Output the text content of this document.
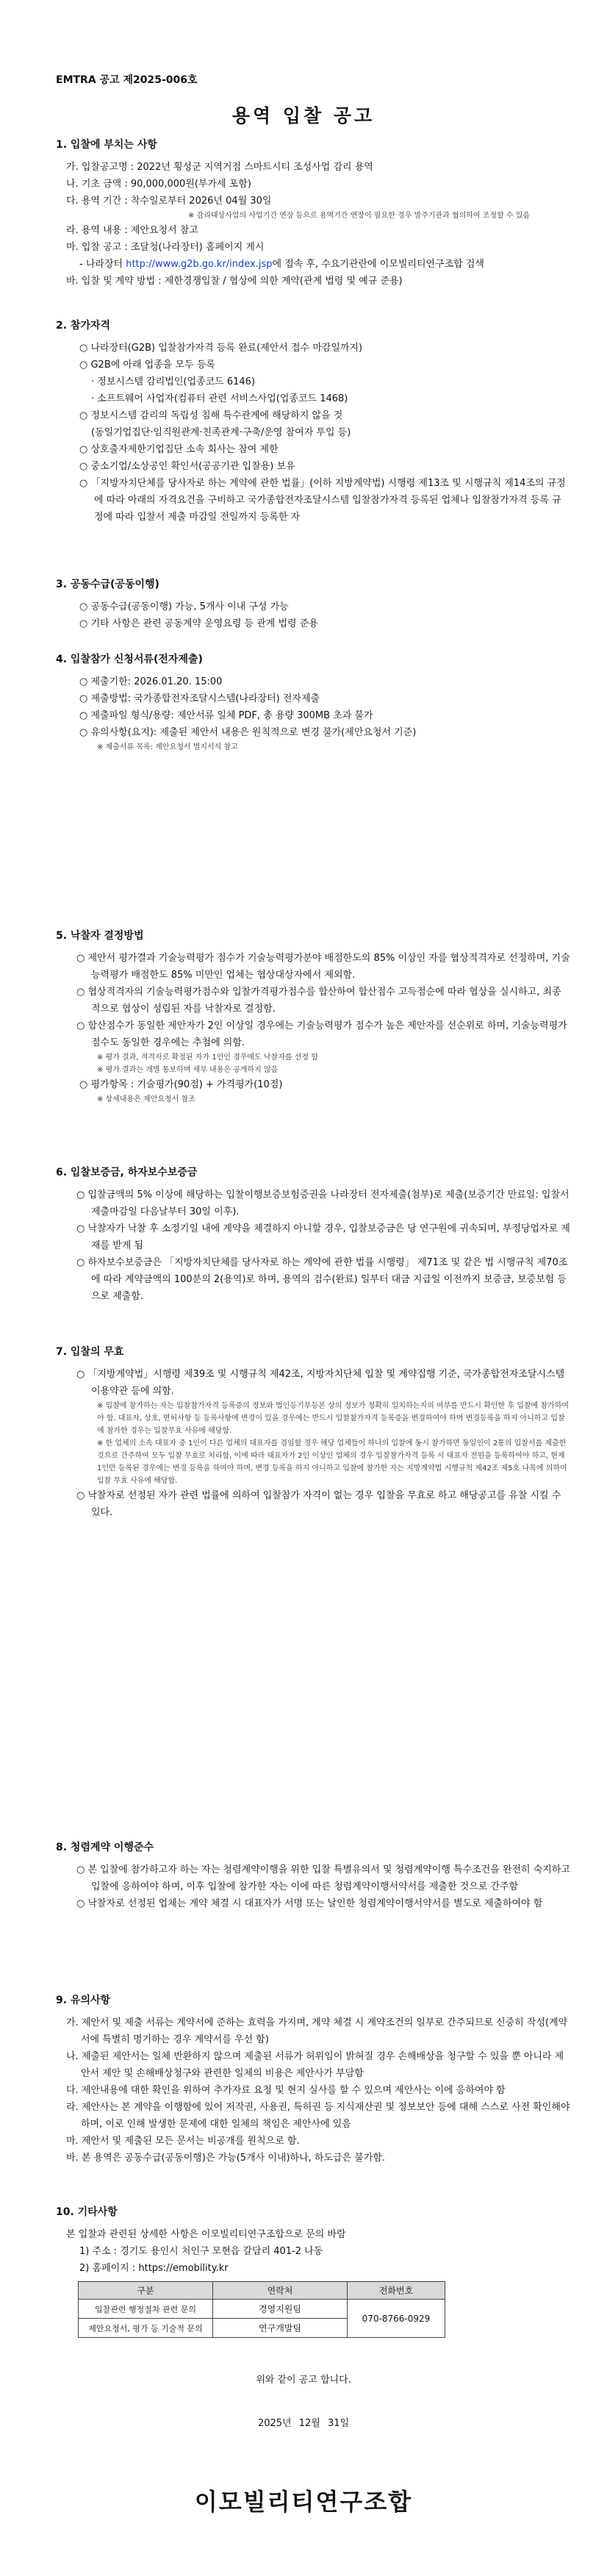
EMTRA 공고 제2025-006호
용역 입찰 공고
1. 입찰에 부치는 사항
가. 입찰공고명 : 2022년 횡성군 지역거점 스마트시티 조성사업 감리 용역
나. 기초 금액 : 90,000,000원(부가세 포함)
다. 용역 기간 : 착수일로부터 2026년 04월 30일
※ 감리대상사업의 사업기간 연장 등으로 용역기간 연장이 필요한 경우 발주기관과 협의하여 조정할 수 있음
라. 용역 내용 : 제안요청서 참고
마. 입찰 공고 : 조달청(나라장터) 홈페이지 게시
- 나라장터 http://www.g2b.go.kr/index.jsp에 접속 후, 수요기관란에 이모빌리티연구조합 검색
바. 입찰 및 계약 방법 : 제한경쟁입찰 / 협상에 의한 계약(관계 법령 및 예규 준용)
2. 참가자격
○ 나라장터(G2B) 입찰참가자격 등록 완료(제안서 접수 마감일까지)
○ G2B에 아래 업종을 모두 등록
· 정보시스템 감리법인(업종코드 6146)
· 소프트웨어 사업자(컴퓨터 관련 서비스사업(업종코드 1468)
○ 정보시스템 감리의 독립성 침해 특수관계에 해당하지 않을 것
(동일기업집단·임직원관계·친족관계·구축/운영 참여자 투입 등)
○ 상호출자제한기업집단 소속 회사는 참여 제한
○ 중소기업/소상공인 확인서(공공기관 입찰용) 보유
○ 「지방자치단체를 당사자로 하는 계약에 관한 법률」(이하 지방계약법) 시행령 제13조 및 시행규칙 제14조의 규정에 따라 아래의 자격요건을 구비하고 국가종합전자조달시스템 입찰참가자격 등록된 업체나 입찰참가자격 등록 규정에 따라 입찰서 제출 마감일 전일까지 등록한 자
3. 공동수급(공동이행)
○ 공동수급(공동이행) 가능, 5개사 이내 구성 가능
○ 기타 사항은 관련 공동계약 운영요령 등 관계 법령 준용
4. 입찰참가 신청서류(전자제출)
○ 제출기한: 2026.01.20. 15:00
○ 제출방법: 국가종합전자조달시스템(나라장터) 전자제출
○ 제출파일 형식/용량: 제안서류 일체 PDF, 총 용량 300MB 초과 불가
○ 유의사항(요지): 제출된 제안서 내용은 원칙적으로 변경 불가(제안요청서 기준)
※ 제출서류 목록: 제안요청서 별지서식 참고
5. 낙찰자 결정방법
○ 제안서 평가결과 기술능력평가 점수가 기술능력평가분야 배점한도의 85% 이상인 자를 협상적격자로 선정하며, 기술능력평가 배점한도 85% 미만인 업체는 협상대상자에서 제외함.
○ 협상적격자의 기술능력평가점수와 입찰가격평가점수를 합산하여 합산점수 고득점순에 따라 협상을 실시하고, 최종적으로 협상이 성립된 자를 낙찰자로 결정함.
○ 합산점수가 동일한 제안자가 2인 이상일 경우에는 기술능력평가 점수가 높은 제안자를 선순위로 하며, 기술능력평가 점수도 동일한 경우에는 추첨에 의함.
※ 평가 결과, 적격자로 확정된 자가 1인인 경우에도 낙찰자를 선정 함
※ 평가 결과는 개별 통보하며 세부 내용은 공개하지 않음
○ 평가항목 : 기술평가(90점) + 가격평가(10점)
※ 상세내용은 제안요청서 참조
6. 입찰보증금, 하자보수보증금
○ 입찰금액의 5% 이상에 해당하는 입찰이행보증보험증권을 나라장터 전자제출(첨부)로 제출(보증기간 만료일: 입찰서 제출마감일 다음날부터 30일 이후).
○ 낙찰자가 낙찰 후 소정기일 내에 계약을 체결하지 아니할 경우, 입찰보증금은 당 연구원에 귀속되며, 부정당업자로 제재를 받게 됨
○ 하자보수보증금은 「지방자치단체를 당사자로 하는 계약에 관한 법률 시행령」 제71조 및 같은 법 시행규칙 제70조에 따라 계약금액의 100분의 2(용역)로 하며, 용역의 검수(완료) 일부터 대금 지급일 이전까지 보증금, 보증보험 등으로 제출함.
7. 입찰의 무효
○ 「지방계약법」시행령 제39조 및 시행규칙 제42조, 지방자치단체 입찰 및 계약집행 기준, 국가종합전자조달시스템 이용약관 등에 의함.
※ 입찰에 참가하는 자는 입찰참가자격 등록증의 정보와 법인등기부등본 상의 정보가 정확히 일치하는지의 여부를 반드시 확인한 후 입찰에 참가하여야 함. 대표자, 상호, 면허사항 등 등록사항에 변경이 있을 경우에는 반드시 입찰참가자격 등록증을 변경하여야 하며 변경등록을 하지 아니하고 입찰에 참가한 경우는 입찰무효 사유에 해당함.
※ 한 업체의 소속 대표자 중 1인이 다른 업체의 대표자를 겸임할 경우 해당 업체들이 하나의 입찰에 동시 참가하면 동일인이 2통의 입찰서를 제출한 것으로 간주하여 모두 입찰 무효로 처리함, 이에 따라 대표자가 2인 이상인 업체의 경우 입찰참가자격 등록 시 대표자 전원을 등록하여야 하고, 현재 1인만 등록된 경우에는 변경 등록을 하여야 하며, 변경 등록을 하지 아니하고 입찰에 참가한 자는 지방계약법 시행규칙 제42조 제5호 나목에 의하여 입찰 무효 사유에 해당함.
○ 낙찰자로 선정된 자가 관련 법률에 의하여 입찰참가 자격이 없는 경우 입찰을 무효로 하고 해당공고를 유찰 시킬 수 있다.
8. 청렴계약 이행준수
○ 본 입찰에 참가하고자 하는 자는 청렴계약이행을 위한 입찰 특별유의서 및 청렴계약이행 특수조건을 완전히 숙지하고 입찰에 응하여야 하며, 이후 입찰에 참가한 자는 이에 따른 청렴계약이행서약서를 제출한 것으로 간주함
○ 낙찰자로 선정된 업체는 계약 체결 시 대표자가 서명 또는 날인한 청렴계약이행서약서를 별도로 제출하여야 함
9. 유의사항
가. 제안서 및 제출 서류는 계약서에 준하는 효력을 가지며, 계약 체결 시 계약조건의 일부로 간주되므로 신중히 작성(계약서에 특별히 명기하는 경우 계약서를 우선 함)
나. 제출된 제안서는 일체 반환하지 않으며 제출된 서류가 허위임이 밝혀질 경우 손해배상을 청구할 수 있을 뿐 아니라 제안서 제안 및 손해배상청구와 관련한 일체의 비용은 제안사가 부담함
다. 제안내용에 대한 확인을 위하여 추가자료 요청 및 현지 실사를 할 수 있으며 제안사는 이에 응하여야 함
라. 제안사는 본 계약을 이행함에 있어 저작권, 사용권, 특허권 등 지식재산권 및 정보보안 등에 대해 스스로 사전 확인해야 하며, 이로 인해 발생한 문제에 대한 일체의 책임은 제안사에 있음
마. 제안서 및 제출된 모든 문서는 비공개를 원칙으로 함.
바. 본 용역은 공동수급(공동이행)은 가능(5개사 이내)하나, 하도급은 불가함.
10. 기타사항
본 입찰과 관련된 상세한 사항은 이모빌리티연구조합으로 문의 바람
1) 주소 : 경기도 용인시 처인구 모현읍 갈담리 401-2 나동
2) 홈페이지 : https://emobility.kr
구분	연락처	전화번호
입찰관련 행정절차 관련 문의	경영지원팀	070-8766-0929
제안요청서, 평가 등 기술적 문의	연구개발팀	
위와 같이 공고 합니다.
2025년 12월 31일
이모빌리티연구조합
